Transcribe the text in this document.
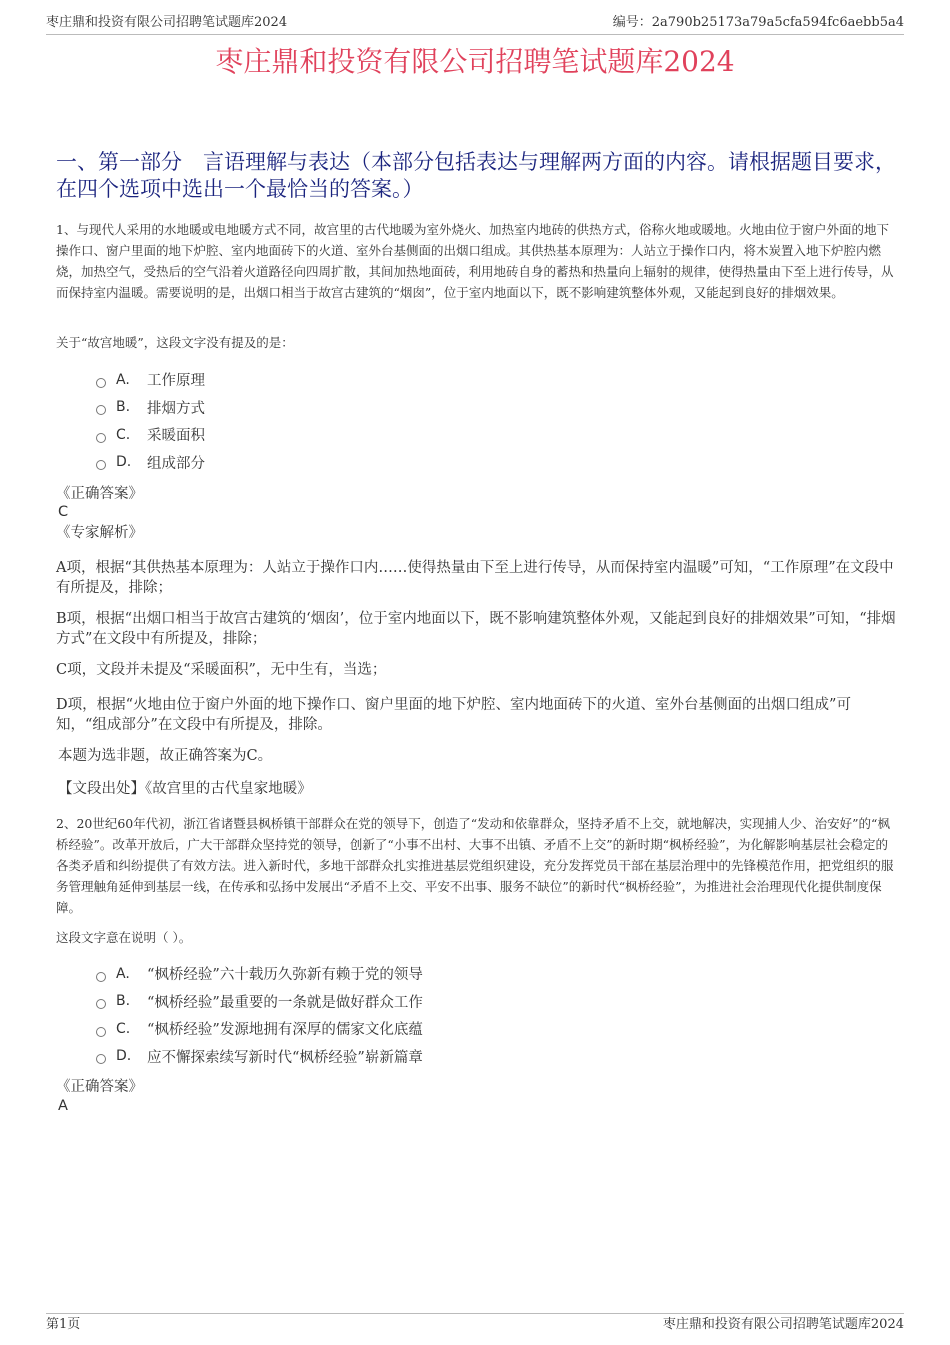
枣庄鼎和投资有限公司招聘笔试题库2024	编号：2a790b25173a79a5cfa594fc6aebb5a4
枣庄鼎和投资有限公司招聘笔试题库2024
一、第一部分　言语理解与表达（本部分包括表达与理解两方面的内容。请根据题目要求，在四个选项中选出一个最恰当的答案。）
1、与现代人采用的水地暖或电地暖方式不同，故宫里的古代地暖为室外烧火、加热室内地砖的供热方式，俗称火地或暖地。火地由位于窗户外面的地下操作口、窗户里面的地下炉腔、室内地面砖下的火道、室外台基侧面的出烟口组成。其供热基本原理为：人站立于操作口内，将木炭置入地下炉腔内燃烧，加热空气，受热后的空气沿着火道路径向四周扩散，其间加热地面砖，利用地砖自身的蓄热和热量向上辐射的规律，使得热量由下至上进行传导，从而保持室内温暖。需要说明的是，出烟口相当于故宫古建筑的“烟囱”，位于室内地面以下，既不影响建筑整体外观，又能起到良好的排烟效果。
关于“故宫地暖”，这段文字没有提及的是：
A.	工作原理
B.	排烟方式
C.	采暖面积
D.	组成部分
《正确答案》
C
《专家解析》
A项，根据“其供热基本原理为：人站立于操作口内……使得热量由下至上进行传导，从而保持室内温暖”可知，“工作原理”在文段中有所提及，排除；
B项，根据“出烟口相当于故宫古建筑的‘烟囱’，位于室内地面以下，既不影响建筑整体外观，又能起到良好的排烟效果”可知，“排烟方式”在文段中有所提及，排除；
C项，文段并未提及“采暖面积”，无中生有，当选；
D项，根据“火地由位于窗户外面的地下操作口、窗户里面的地下炉腔、室内地面砖下的火道、室外台基侧面的出烟口组成”可知，“组成部分”在文段中有所提及，排除。
本题为选非题，故正确答案为C。
【文段出处】《故宫里的古代皇家地暖》
2、20世纪60年代初，浙江省诸暨县枫桥镇干部群众在党的领导下，创造了“发动和依靠群众，坚持矛盾不上交，就地解决，实现捕人少、治安好”的“枫桥经验”。改革开放后，广大干部群众坚持党的领导，创新了“小事不出村、大事不出镇、矛盾不上交”的新时期“枫桥经验”，为化解影响基层社会稳定的各类矛盾和纠纷提供了有效方法。进入新时代，多地干部群众扎实推进基层党组织建设，充分发挥党员干部在基层治理中的先锋模范作用，把党组织的服务管理触角延伸到基层一线，在传承和弘扬中发展出“矛盾不上交、平安不出事、服务不缺位”的新时代“枫桥经验”，为推进社会治理现代化提供制度保障。
这段文字意在说明（ ）。
A.	“枫桥经验”六十载历久弥新有赖于党的领导
B.	“枫桥经验”最重要的一条就是做好群众工作
C.	“枫桥经验”发源地拥有深厚的儒家文化底蕴
D.	应不懈探索续写新时代“枫桥经验”崭新篇章
《正确答案》
A
第1页	枣庄鼎和投资有限公司招聘笔试题库2024
